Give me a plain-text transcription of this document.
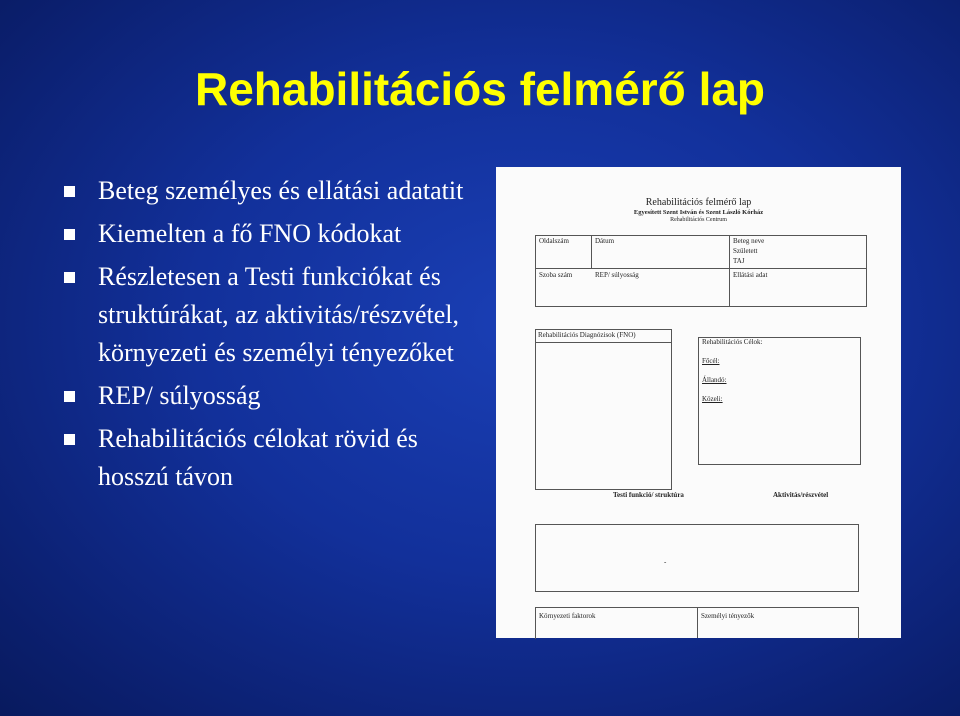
Rehabilitációs felmérő lap
Beteg személyes és ellátási adatatit
Kiemelten a fő FNO kódokat
Részletesen a Testi funkciókat és struktúrákat, az aktivitás/részvétel, környezeti és személyi tényezőket
REP/ súlyosság
Rehabilitációs célokat rövid és hosszú távon
Rehabilitációs felmérő lap
Egyesített Szent István és Szent László Kórház
Rehabilitációs Centrum
Oldalszám	Dátum	Beteg neve
Született
TAJ
Szoba szám	REP/ súlyosság	Ellátási adat
Rehabilitációs Diagnózisok (FNO)
Rehabilitációs Célok:
Főcél:
Állandó:
Közeli:
Testi funkció/ struktúra	Aktivitás/részvétel
-
Környezeti faktorok	Személyi tényezők
